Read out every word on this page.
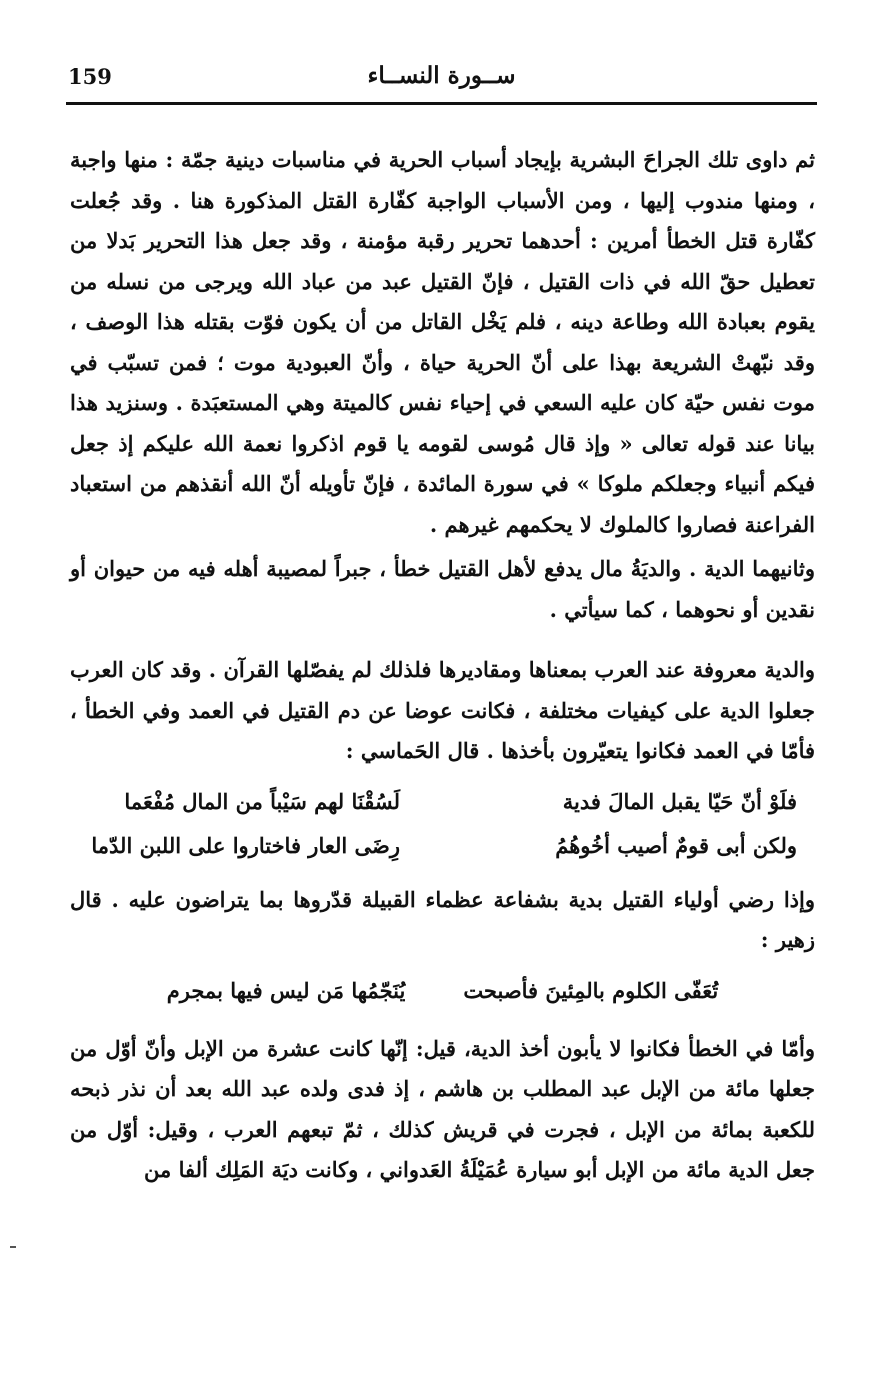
159	ســورة النســاء

ثم داوى تلك الجراحَ البشرية بإيجاد أسباب الحرية في مناسبات دينية جمّة : منها واجبة ، ومنها مندوب إليها ، ومن الأسباب الواجبة كفّارة القتل المذكورة هنا . وقد جُعلت كفّارة قتل الخطأ أمرين : أحدهما تحرير رقبة مؤمنة ، وقد جعل هذا التحرير بَدلا من تعطيل حقّ الله في ذات القتيل ، فإنّ القتيل عبد من عباد الله ويرجى من نسله من يقوم بعبادة الله وطاعة دينه ، فلم يَخْل القاتل من أن يكون فوّت بقتله هذا الوصف ، وقد نبّهتْ الشريعة بهذا على أنّ الحرية حياة ، وأنّ العبودية موت ؛ فمن تسبّب في موت نفس حيّة كان عليه السعي في إحياء نفس كالميتة وهي المستعبَدة . وسنزيد هذا بيانا عند قوله تعالى « وإذ قال مُوسى لقومه يا قوم اذكروا نعمة الله عليكم إذ جعل فيكم أنبياء وجعلكم ملوكا » في سورة المائدة ، فإنّ تأويله أنّ الله أنقذهم من استعباد الفراعنة فصاروا كالملوك لا يحكمهم غيرهم .

وثانيهما الدية . والديَةُ مال يدفع لأهل القتيل خطأ ، جبراً لمصيبة أهله فيه من حيوان أو نقدين أو نحوهما ، كما سيأتي .

والدية معروفة عند العرب بمعناها ومقاديرها فلذلك لم يفصّلها القرآن . وقد كان العرب جعلوا الدية على كيفيات مختلفة ، فكانت عوضا عن دم القتيل في العمد وفي الخطأ ، فأمّا في العمد فكانوا يتعيّرون بأخذها . قال الحَماسي :

فلَوْ أنّ حَيّا يقبل المالَ فدية
لَسُقْنَا لهم سَيْباً من المال مُفْعَما
ولكن أبى قومٌ أصيب أخُوهُمُ
رِضَى العار فاختاروا على اللبن الدّما

وإذا رضي أولياء القتيل بدية بشفاعة عظماء القبيلة قدّروها بما يتراضون عليه . قال زهير :

تُعَفّى الكلوم بالمِئينَ فأصبحت
يُنَجّمُها مَن ليس فيها بمجرم

وأمّا في الخطأ فكانوا لا يأبون أخذ الدية، قيل: إنّها كانت عشرة من الإبل وأنّ أوّل من جعلها مائة من الإبل عبد المطلب بن هاشم ، إذ فدى ولده عبد الله بعد أن نذر ذبحه للكعبة بمائة من الإبل ، فجرت في قريش كذلك ، ثمّ تبعهم العرب ، وقيل: أوّل من جعل الدية مائة من الإبل أبو سيارة عُمَيْلَةُ العَدواني ، وكانت ديَة المَلِك ألفا من
